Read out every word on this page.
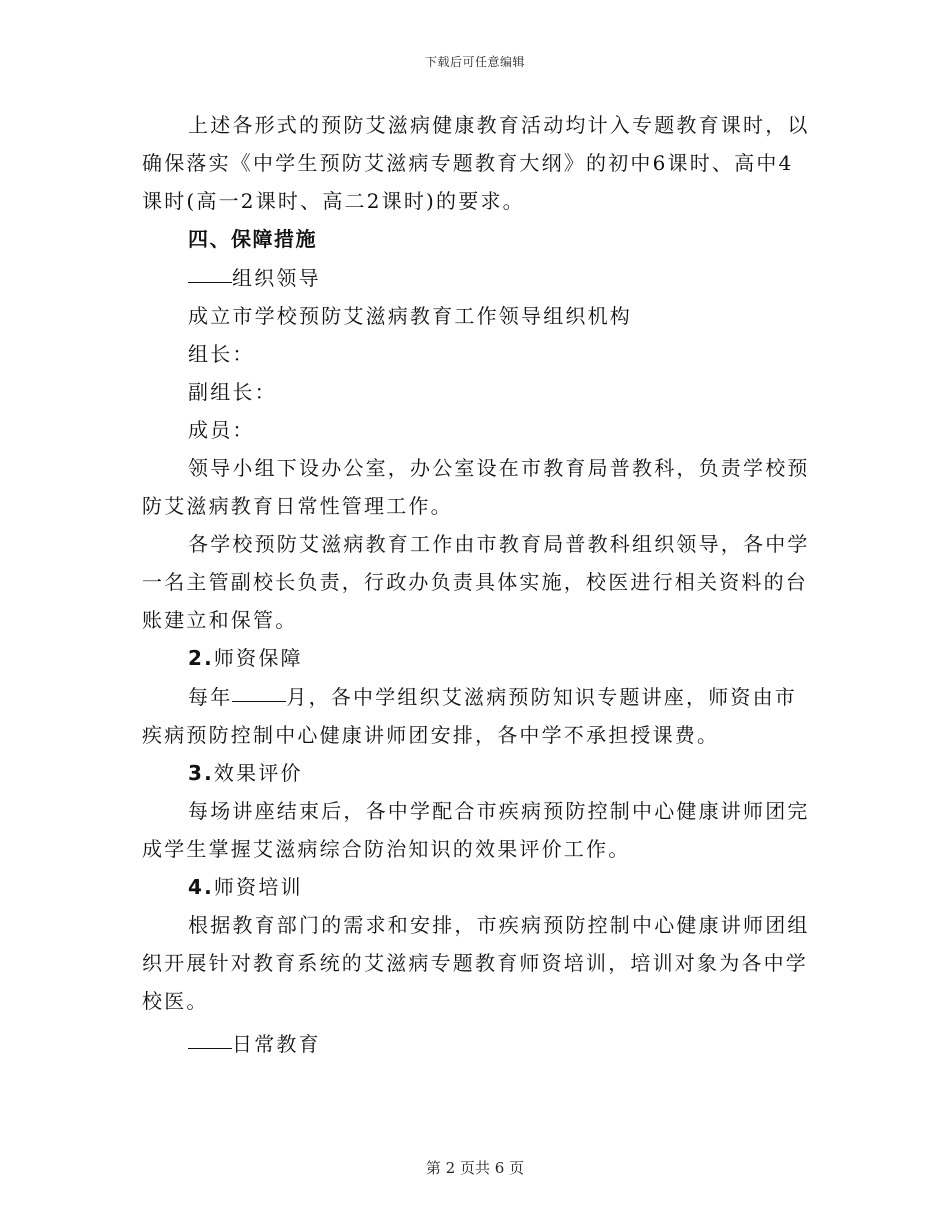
下载后可任意编辑

上述各形式的预防艾滋病健康教育活动均计入专题教育课时，以确保落实《中学生预防艾滋病专题教育大纲》的初中6课时、高中4课时(高一2课时、高二2课时)的要求。

四、保障措施

组织领导

成立市学校预防艾滋病教育工作领导组织机构

组长：

副组长：

成员：

领导小组下设办公室，办公室设在市教育局普教科，负责学校预防艾滋病教育日常性管理工作。

各学校预防艾滋病教育工作由市教育局普教科组织领导，各中学一名主管副校长负责，行政办负责具体实施，校医进行相关资料的台账建立和保管。

2.师资保障

每年	月，各中学组织艾滋病预防知识专题讲座，师资由市疾病预防控制中心健康讲师团安排，各中学不承担授课费。

3.效果评价

每场讲座结束后，各中学配合市疾病预防控制中心健康讲师团完成学生掌握艾滋病综合防治知识的效果评价工作。

4.师资培训

根据教育部门的需求和安排，市疾病预防控制中心健康讲师团组织开展针对教育系统的艾滋病专题教育师资培训，培训对象为各中学校医。

日常教育

第 2 页共 6 页
